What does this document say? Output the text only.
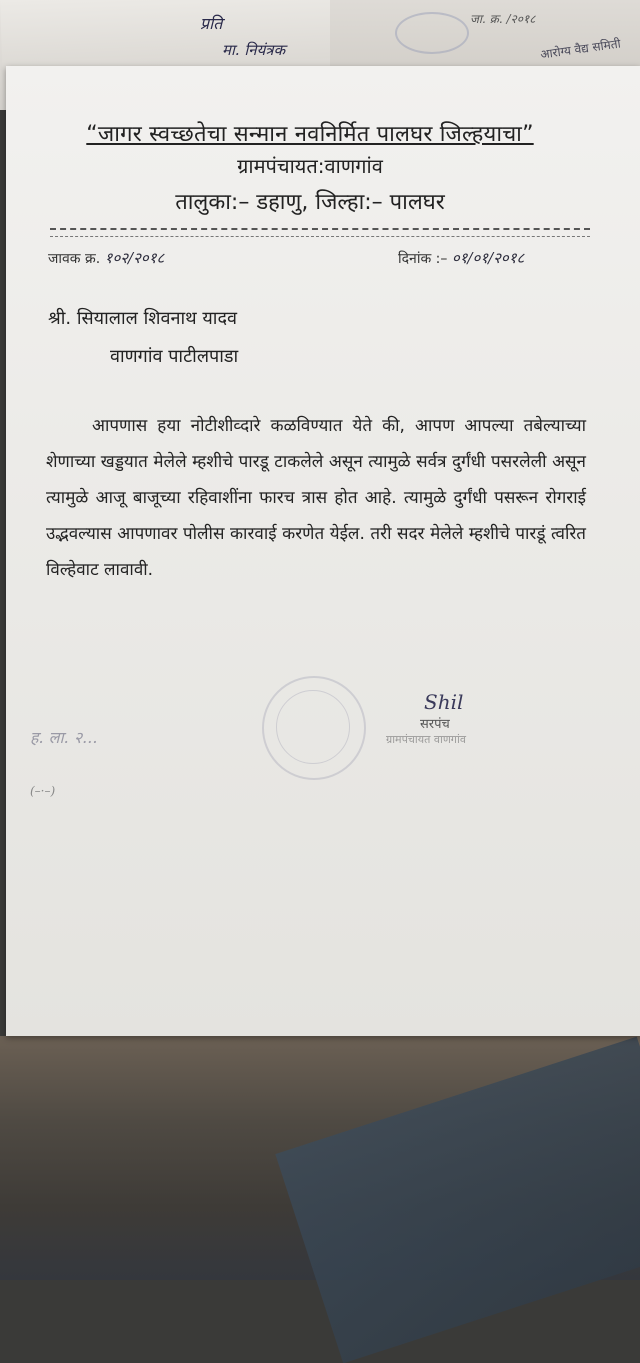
प्रति
मा. नियंत्रक
जा. क्र. /२०१८
आरोग्य वैद्य समिती
“जागर स्वच्छतेचा सन्मान नवनिर्मित पालघर जिल्हयाचा”
ग्रामपंचायत:वाणगांव
तालुका:– डहाणु, जिल्हा:– पालघर
जावक क्र. १०२/२०१८	दिनांक :– ०१/०१/२०१८
श्री. सियालाल शिवनाथ यादव
वाणगांव पाटीलपाडा
आपणास हया नोटीशीव्दारे कळविण्यात येते की, आपण आपल्या तबेल्याच्या शेणाच्या खड्डयात मेलेले म्हशीचे पारडू टाकलेले असून त्यामुळे सर्वत्र दुर्गंधी पसरलेली असून त्यामुळे आजू बाजूच्या रहिवाशींना फारच त्रास होत आहे. त्यामुळे दुर्गंधी पसरून रोगराई उद्भवल्यास आपणावर पोलीस कारवाई करणेत येईल. तरी सदर मेलेले म्हशीचे पारडूं त्वरित विल्हेवाट लावावी.
Shil
सरपंच
ग्रामपंचायत वाणगांव
ह. ला. २...
(–·–)
